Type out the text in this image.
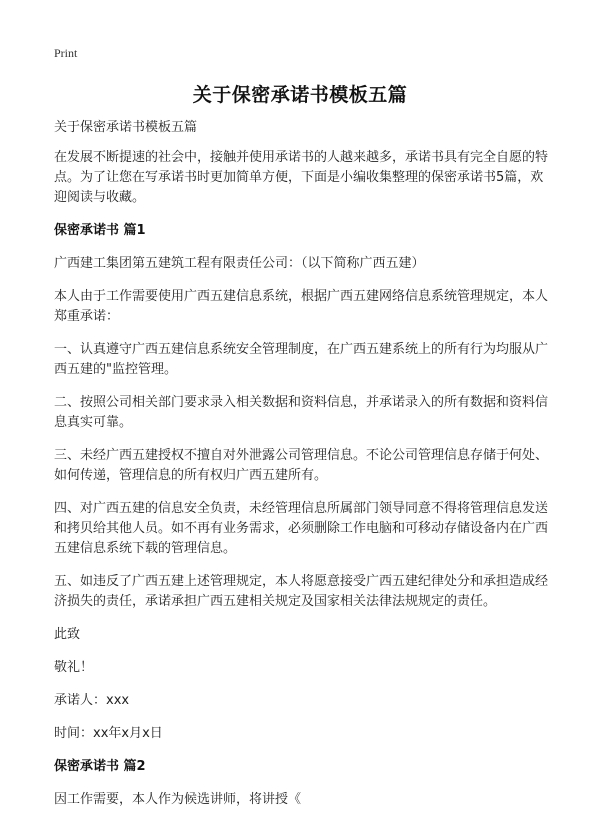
Print
关于保密承诺书模板五篇

关于保密承诺书模板五篇

在发展不断提速的社会中，接触并使用承诺书的人越来越多，承诺书具有完全自愿的特点。为了让您在写承诺书时更加简单方便，下面是小编收集整理的保密承诺书5篇，欢迎阅读与收藏。

保密承诺书 篇1

广西建工集团第五建筑工程有限责任公司：（以下简称广西五建）

本人由于工作需要使用广西五建信息系统，根据广西五建网络信息系统管理规定，本人郑重承诺：

一、认真遵守广西五建信息系统安全管理制度，在广西五建系统上的所有行为均服从广西五建的"监控管理。

二、按照公司相关部门要求录入相关数据和资料信息，并承诺录入的所有数据和资料信息真实可靠。

三、未经广西五建授权不擅自对外泄露公司管理信息。不论公司管理信息存储于何处、如何传递，管理信息的所有权归广西五建所有。

四、对广西五建的信息安全负责，未经管理信息所属部门领导同意不得将管理信息发送和拷贝给其他人员。如不再有业务需求，必须删除工作电脑和可移动存储设备内在广西五建信息系统下载的管理信息。

五、如违反了广西五建上述管理规定，本人将愿意接受广西五建纪律处分和承担造成经济损失的责任，承诺承担广西五建相关规定及国家相关法律法规规定的责任。

此致

敬礼！

承诺人：xxx

时间：xx年x月x日

保密承诺书 篇2

因工作需要，本人作为候选讲师，将讲授《
